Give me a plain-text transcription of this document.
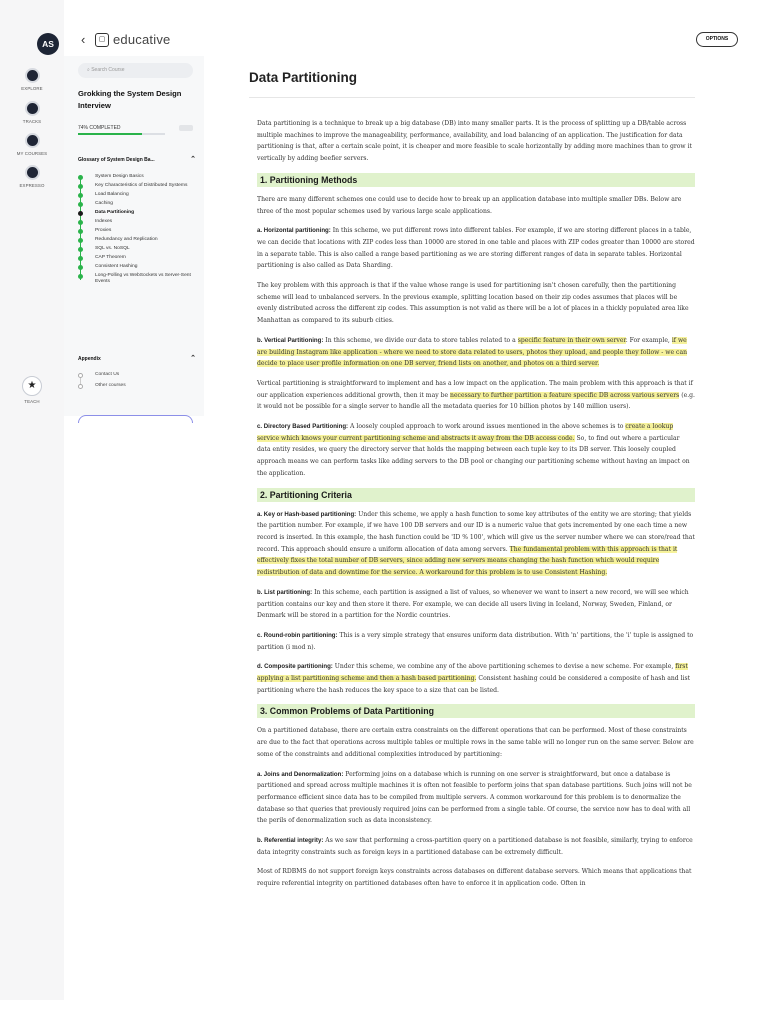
AS
EXPLORE
TRACKS
MY COURSES
EXPRESSO
★
TEACH
‹	▢ educative	OPTIONS
⌕ Search Course
Grokking the System Design Interview
74% COMPLETED
Glossary of System Design Ba...	⌃
System Design Basics
Key Characteristics of Distributed Systems
Load Balancing
Caching
Data Partitioning
Indexes
Proxies
Redundancy and Replication
SQL vs. NoSQL
CAP Theorem
Consistent Hashing
Long-Polling vs WebSockets vs Server-Sent Events
Appendix	⌃
Contact Us
Other courses
Data Partitioning

Data partitioning is a technique to break up a big database (DB) into many smaller parts. It is the process of splitting up a DB/table across multiple machines to improve the manageability, performance, availability, and load balancing of an application. The justification for data partitioning is that, after a certain scale point, it is cheaper and more feasible to scale horizontally by adding more machines than to grow it vertically by adding beefier servers.

1. Partitioning Methods

There are many different schemes one could use to decide how to break up an application database into multiple smaller DBs. Below are three of the most popular schemes used by various large scale applications.

a. Horizontal partitioning: In this scheme, we put different rows into different tables. For example, if we are storing different places in a table, we can decide that locations with ZIP codes less than 10000 are stored in one table and places with ZIP codes greater than 10000 are stored in a separate table. This is also called a range based partitioning as we are storing different ranges of data in separate tables. Horizontal partitioning is also called as Data Sharding.

The key problem with this approach is that if the value whose range is used for partitioning isn't chosen carefully, then the partitioning scheme will lead to unbalanced servers. In the previous example, splitting location based on their zip codes assumes that places will be evenly distributed across the different zip codes. This assumption is not valid as there will be a lot of places in a thickly populated area like Manhattan as compared to its suburb cities.

b. Vertical Partitioning: In this scheme, we divide our data to store tables related to a specific feature in their own server. For example, if we are building Instagram like application - where we need to store data related to users, photos they upload, and people they follow - we can decide to place user profile information on one DB server, friend lists on another, and photos on a third server.

Vertical partitioning is straightforward to implement and has a low impact on the application. The main problem with this approach is that if our application experiences additional growth, then it may be necessary to further partition a feature specific DB across various servers (e.g. it would not be possible for a single server to handle all the metadata queries for 10 billion photos by 140 million users).

c. Directory Based Partitioning: A loosely coupled approach to work around issues mentioned in the above schemes is to create a lookup service which knows your current partitioning scheme and abstracts it away from the DB access code. So, to find out where a particular data entity resides, we query the directory server that holds the mapping between each tuple key to its DB server. This loosely coupled approach means we can perform tasks like adding servers to the DB pool or changing our partitioning scheme without having an impact on the application.

2. Partitioning Criteria

a. Key or Hash-based partitioning: Under this scheme, we apply a hash function to some key attributes of the entity we are storing; that yields the partition number. For example, if we have 100 DB servers and our ID is a numeric value that gets incremented by one each time a new record is inserted. In this example, the hash function could be 'ID % 100', which will give us the server number where we can store/read that record. This approach should ensure a uniform allocation of data among servers. The fundamental problem with this approach is that it effectively fixes the total number of DB servers, since adding new servers means changing the hash function which would require redistribution of data and downtime for the service. A workaround for this problem is to use Consistent Hashing.

b. List partitioning: In this scheme, each partition is assigned a list of values, so whenever we want to insert a new record, we will see which partition contains our key and then store it there. For example, we can decide all users living in Iceland, Norway, Sweden, Finland, or Denmark will be stored in a partition for the Nordic countries.

c. Round-robin partitioning: This is a very simple strategy that ensures uniform data distribution. With 'n' partitions, the 'i' tuple is assigned to partition (i mod n).

d. Composite partitioning: Under this scheme, we combine any of the above partitioning schemes to devise a new scheme. For example, first applying a list partitioning scheme and then a hash based partitioning. Consistent hashing could be considered a composite of hash and list partitioning where the hash reduces the key space to a size that can be listed.

3. Common Problems of Data Partitioning

On a partitioned database, there are certain extra constraints on the different operations that can be performed. Most of these constraints are due to the fact that operations across multiple tables or multiple rows in the same table will no longer run on the same server. Below are some of the constraints and additional complexities introduced by partitioning:

a. Joins and Denormalization: Performing joins on a database which is running on one server is straightforward, but once a database is partitioned and spread across multiple machines it is often not feasible to perform joins that span database partitions. Such joins will not be performance efficient since data has to be compiled from multiple servers. A common workaround for this problem is to denormalize the database so that queries that previously required joins can be performed from a single table. Of course, the service now has to deal with all the perils of denormalization such as data inconsistency.

b. Referential integrity: As we saw that performing a cross-partition query on a partitioned database is not feasible, similarly, trying to enforce data integrity constraints such as foreign keys in a partitioned database can be extremely difficult.

Most of RDBMS do not support foreign keys constraints across databases on different database servers. Which means that applications that require referential integrity on partitioned databases often have to enforce it in application code. Often in
